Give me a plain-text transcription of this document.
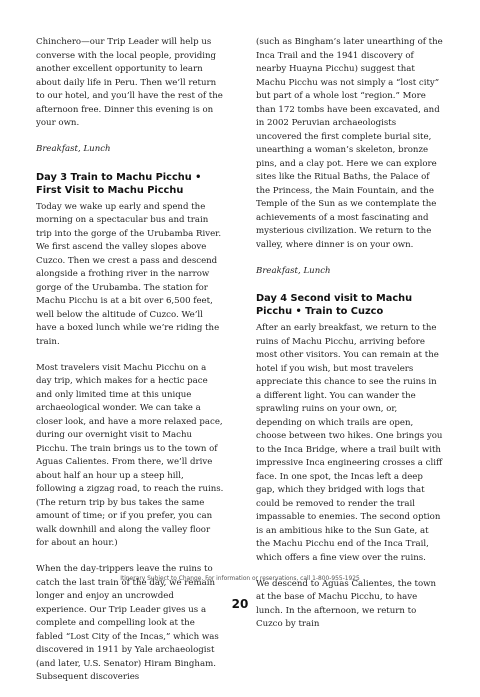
Chinchero—our Trip Leader will help us converse with the local people, providing another excellent opportunity to learn about daily life in Peru. Then we’ll return to our hotel, and you’ll have the rest of the afternoon free. Dinner this evening is on your own.

Breakfast, Lunch

Day 3 Train to Machu Picchu • First Visit to Machu Picchu

Today we wake up early and spend the morning on a spectacular bus and train trip into the gorge of the Urubamba River. We first ascend the valley slopes above Cuzco. Then we crest a pass and descend alongside a frothing river in the narrow gorge of the Urubamba. The station for Machu Picchu is at a bit over 6,500 feet, well below the altitude of Cuzco. We’ll have a boxed lunch while we’re riding the train.

Most travelers visit Machu Picchu on a day trip, which makes for a hectic pace and only limited time at this unique archaeological wonder. We can take a closer look, and have a more relaxed pace, during our overnight visit to Machu Picchu. The train brings us to the town of Aguas Calientes. From there, we’ll drive about half an hour up a steep hill, following a zigzag road, to reach the ruins. (The return trip by bus takes the same amount of time; or if you prefer, you can walk downhill and along the valley floor for about an hour.)

When the day-trippers leave the ruins to catch the last train of the day, we remain longer and enjoy an uncrowded experience. Our Trip Leader gives us a complete and compelling look at the fabled “Lost City of the Incas,” which was discovered in 1911 by Yale archaeologist (and later, U.S. Senator) Hiram Bingham. Subsequent discoveries

(such as Bingham’s later unearthing of the Inca Trail and the 1941 discovery of nearby Huayna Picchu) suggest that Machu Picchu was not simply a “lost city” but part of a whole lost “region.” More than 172 tombs have been excavated, and in 2002 Peruvian archaeologists uncovered the first complete burial site, unearthing a woman’s skeleton, bronze pins, and a clay pot. Here we can explore sites like the Ritual Baths, the Palace of the Princess, the Main Fountain, and the Temple of the Sun as we contemplate the achievements of a most fascinating and mysterious civilization. We return to the valley, where dinner is on your own.

Breakfast, Lunch

Day 4 Second visit to Machu Picchu • Train to Cuzco

After an early breakfast, we return to the ruins of Machu Picchu, arriving before most other visitors. You can remain at the hotel if you wish, but most travelers appreciate this chance to see the ruins in a different light. You can wander the sprawling ruins on your own, or, depending on which trails are open, choose between two hikes. One brings you to the Inca Bridge, where a trail built with impressive Inca engineering crosses a cliff face. In one spot, the Incas left a deep gap, which they bridged with logs that could be removed to render the trail impassable to enemies. The second option is an ambitious hike to the Sun Gate, at the Machu Picchu end of the Inca Trail, which offers a fine view over the ruins.

We descend to Aguas Calientes, the town at the base of Machu Picchu, to have lunch. In the afternoon, we return to Cuzco by train

Itinerary Subject to Change. For information or reservations, call 1-800-955-1925
20
